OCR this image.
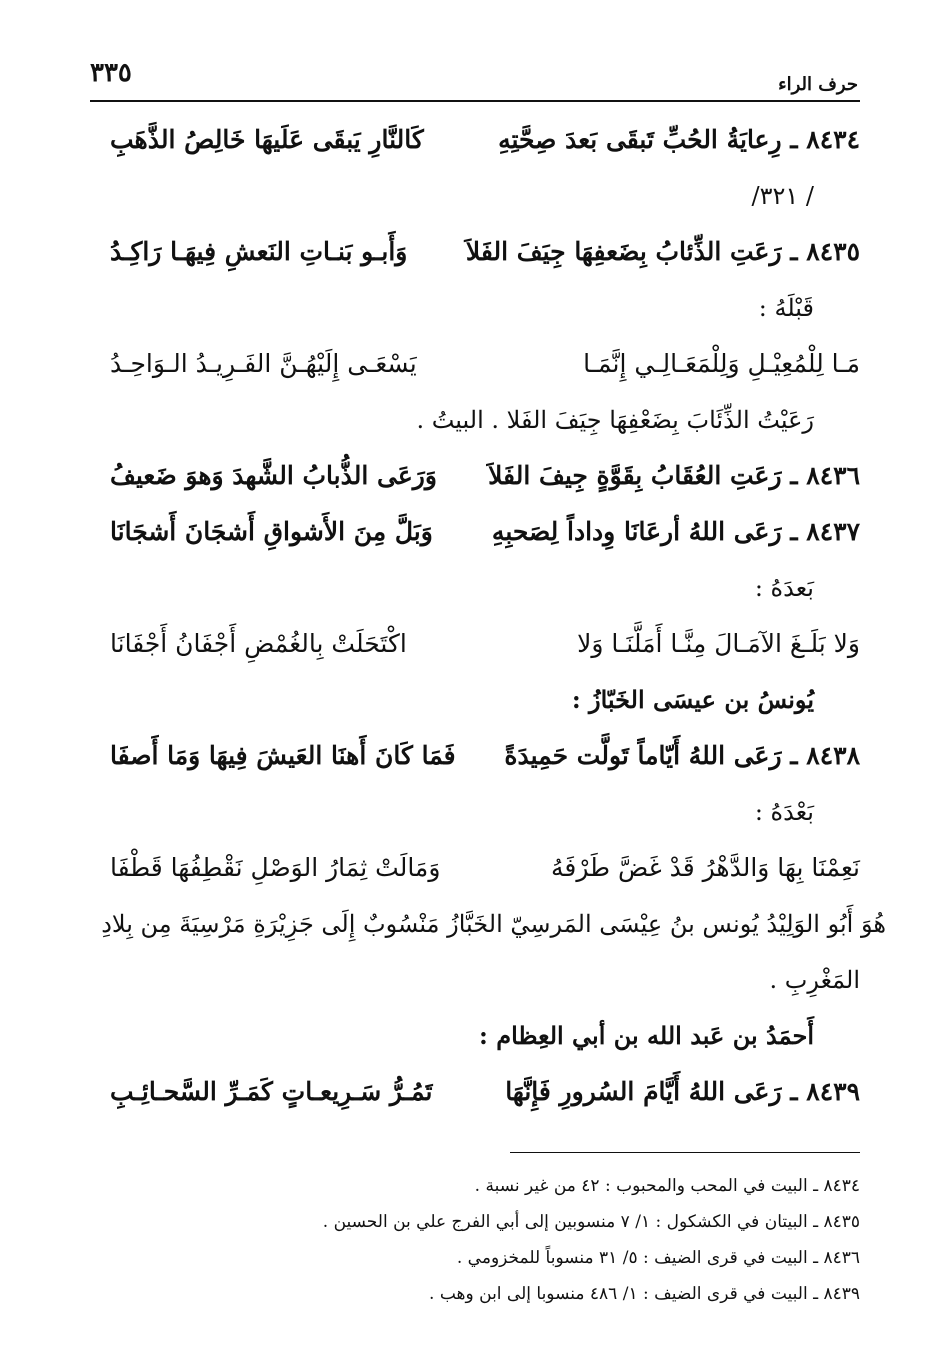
٣٣٥	حرف الراء
٨٤٣٤ ـ رِعايَةُ الحُبِّ تَبقَى بَعدَ صِحَّتِهِ
كَالنَّارِ يَبقَى عَلَيهَا خَالِصُ الذَّهَبِ
/ ٣٢١/
٨٤٣٥ ـ رَعَتِ الذِّئابُ بِضَعفِهَا جِيَفَ الفَلاَ
وَأَبـو بَنـاتِ النَعشِ فِيهَـا رَاكِـدُ
قَبْلَهُ :
مَـا لِلْمُعِيْـلِ وَلِلْمَعَـالِـي إِنَّمَـا
يَسْعَـى إِلَيْهُـنَّ الفَـرِيـدُ الـوَاحِـدُ
رَعَيْتُ الذِّئَابَ بِضَعْفِهَا جِيَفَ الفَلا . البيتُ .
٨٤٣٦ ـ رَعَتِ العُقَابُ بِقَوَّةٍ جِيفَ الفَلاَ
وَرَعَى الذُّبابُ الشَّهدَ وَهوَ ضَعيفُ
٨٤٣٧ ـ رَعَى اللهُ أرعَانَا وِداداً لِصَحبِهِ
وَبَلَّ مِنَ الأَشواقِ أَشجَانَ أَشجَانَا
بَعدَهُ :
وَلا بَلَـغَ الآمَـالَ مِنَّـا أَمَلَّنَـا وَلا
اكْتَحَلَتْ بِالغُمْضِ أَجْفَانُ أَجْفَانَا
يُونسُ بن عيسَى الخَبّازُ :
٨٤٣٨ ـ رَعَى اللهُ أَيّاماً تَولَّت حَمِيدَةً
فَمَا كَانَ أَهنَا العَيشَ فِيهَا وَمَا أَصفَا
بَعْدَهُ :
نَعِمْنَا بِهَا وَالدَّهْرُ قَدْ غَضَّ طَرْفَهُ
وَمَالَتْ ثِمَارُ الوَصْلِ نَقْطِفُهَا قَطْفَا
هُوَ أَبُو الوَلِيْدُ يُونس بنُ عِيْسَى المَرسِيّ الخَبَّازُ مَنْسُوبٌ إِلَى جَزِيْرَةِ مَرْسِيَةَ مِن بِلادِ
المَغْرِبِ .
أَحمَدُ بن عَبد الله بن أبي العِظام :
٨٤٣٩ ـ رَعَى اللهُ أَيَّامَ السُرورِ فَإِنَّهَا
تَمُـرُّ سَـرِيعـاتٍ كَمَـرِّ السَّحـائِـبِ
٨٤٣٤ ـ البيت في المحب والمحبوب : ٤٢ من غير نسبة .
٨٤٣٥ ـ البيتان في الكشكول : ١/ ٧ منسوبين إلى أبي الفرج علي بن الحسين .
٨٤٣٦ ـ البيت في قرى الضيف : ٥/ ٣١ منسوباً للمخزومي .
٨٤٣٩ ـ البيت في قرى الضيف : ١/ ٤٨٦ منسوبا إلى ابن وهب .
